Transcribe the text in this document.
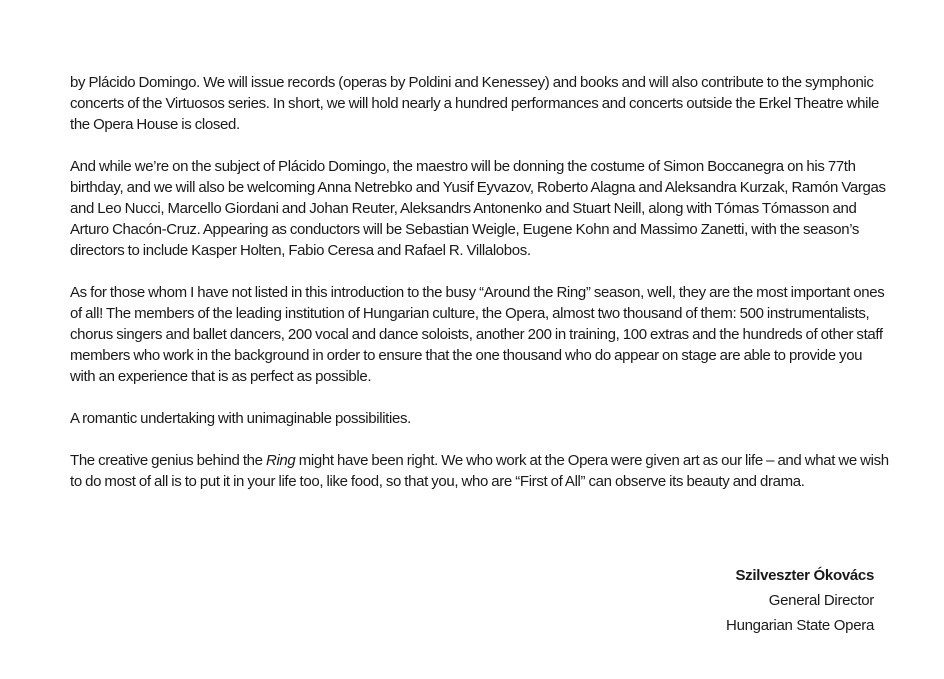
by Plácido Domingo. We will issue records (operas by Poldini and Kenessey) and books and will also contribute to the symphonic concerts of the Virtuosos series. In short, we will hold nearly a hundred performances and concerts outside the Erkel Theatre while the Opera House is closed.

And while we’re on the subject of Plácido Domingo, the maestro will be donning the costume of Simon Boccanegra on his 77th birthday, and we will also be welcoming Anna Netrebko and Yusif Eyvazov, Roberto Alagna and Aleksandra Kurzak, Ramón Vargas and Leo Nucci, Marcello Giordani and Johan Reuter, Aleksandrs Antonenko and Stuart Neill, along with Tómas Tómasson and Arturo Chacón-Cruz. Appearing as conductors will be Sebastian Weigle, Eugene Kohn and Massimo Zanetti, with the season’s directors to include Kasper Holten, Fabio Ceresa and Rafael R. Villalobos.

As for those whom I have not listed in this introduction to the busy “Around the Ring” season, well, they are the most important ones of all! The members of the leading institution of Hungarian culture, the Opera, almost two thousand of them: 500 instrumentalists, chorus singers and ballet dancers, 200 vocal and dance soloists, another 200 in training, 100 extras and the hundreds of other staff members who work in the background in order to ensure that the one thousand who do appear on stage are able to provide you with an experience that is as perfect as possible.

A romantic undertaking with unimaginable possibilities.

The creative genius behind the Ring might have been right. We who work at the Opera were given art as our life – and what we wish to do most of all is to put it in your life too, like food, so that you, who are “First of All” can observe its beauty and drama.

Szilveszter Ókovács
General Director
Hungarian State Opera
